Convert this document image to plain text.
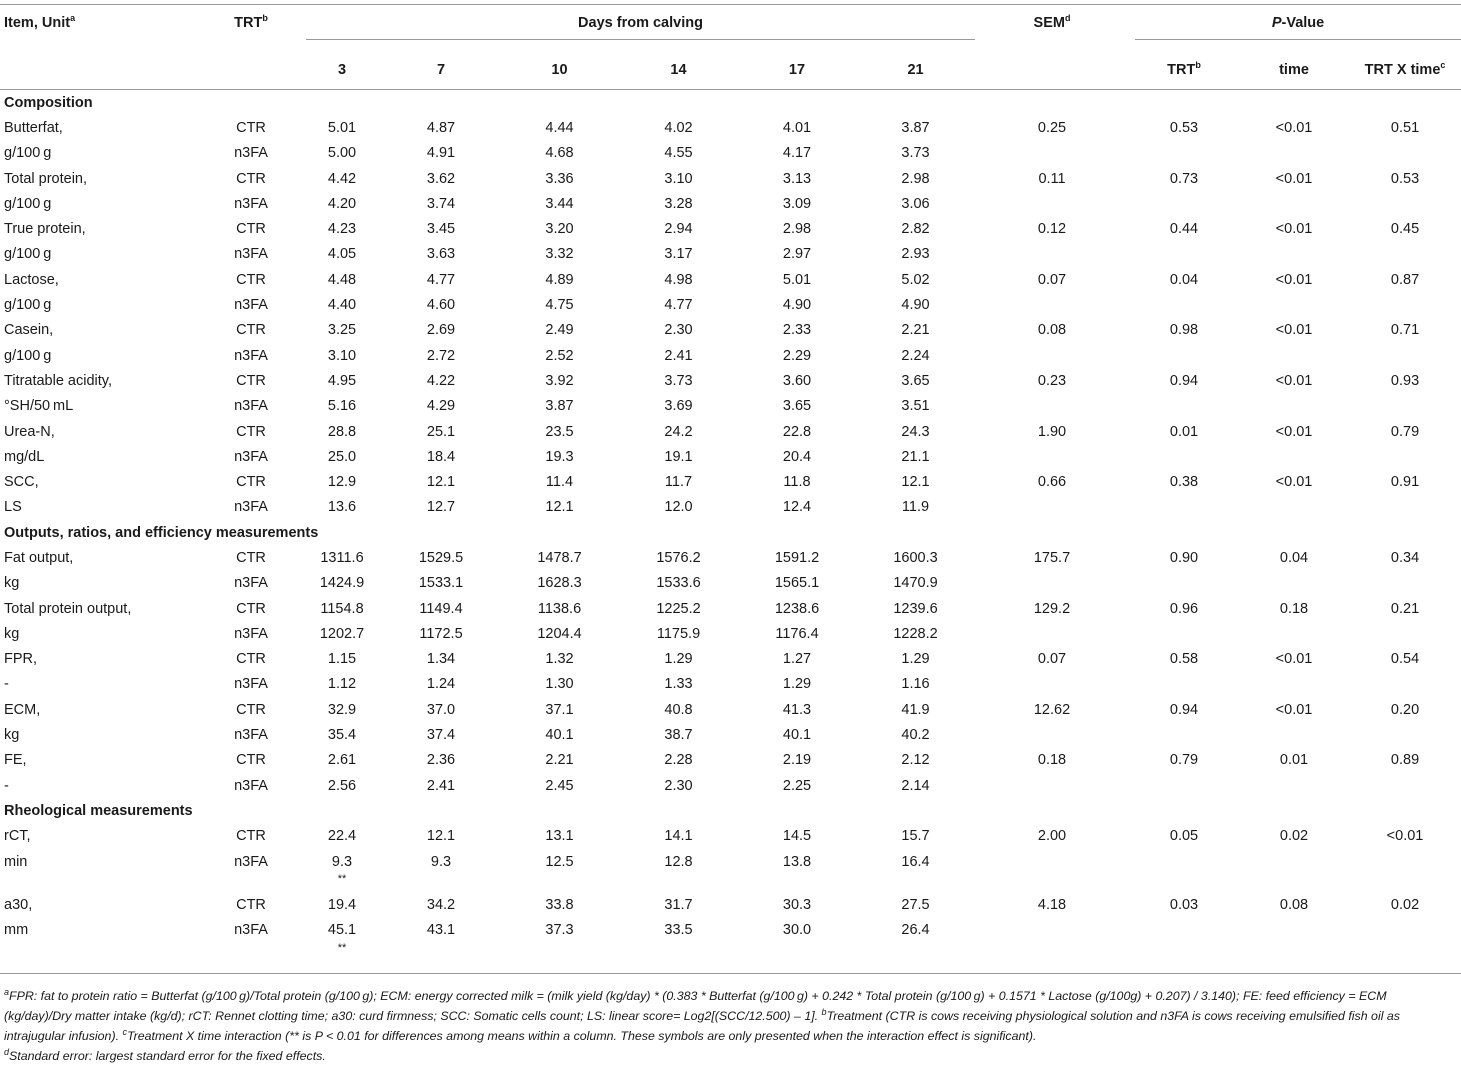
Item, Unit$^a$	TRT$^b$	Days from calving						SEM$^d$	P-Value		

		3	7	10	14	17	21		TRT$^b$	time	TRT X time$^c$
Composition											
Butterfat,	CTR	5.01	4.87	4.44	4.02	4.01	3.87	0.25	0.53	<0.01	0.51
g/100 g	n3FA	5.00	4.91	4.68	4.55	4.17	3.73				
Total protein,	CTR	4.42	3.62	3.36	3.10	3.13	2.98	0.11	0.73	<0.01	0.53
g/100 g	n3FA	4.20	3.74	3.44	3.28	3.09	3.06				
True protein,	CTR	4.23	3.45	3.20	2.94	2.98	2.82	0.12	0.44	<0.01	0.45
g/100 g	n3FA	4.05	3.63	3.32	3.17	2.97	2.93				
Lactose,	CTR	4.48	4.77	4.89	4.98	5.01	5.02	0.07	0.04	<0.01	0.87
g/100 g	n3FA	4.40	4.60	4.75	4.77	4.90	4.90				
Casein,	CTR	3.25	2.69	2.49	2.30	2.33	2.21	0.08	0.98	<0.01	0.71
g/100 g	n3FA	3.10	2.72	2.52	2.41	2.29	2.24				
Titratable acidity,	CTR	4.95	4.22	3.92	3.73	3.60	3.65	0.23	0.94	<0.01	0.93
°SH/50 mL	n3FA	5.16	4.29	3.87	3.69	3.65	3.51				
Urea-N,	CTR	28.8	25.1	23.5	24.2	22.8	24.3	1.90	0.01	<0.01	0.79
mg/dL	n3FA	25.0	18.4	19.3	19.1	20.4	21.1				
SCC,	CTR	12.9	12.1	11.4	11.7	11.8	12.1	0.66	0.38	<0.01	0.91
LS	n3FA	13.6	12.7	12.1	12.0	12.4	11.9				
Outputs, ratios, and efficiency measurements											
Fat output,	CTR	1311.6	1529.5	1478.7	1576.2	1591.2	1600.3	175.7	0.90	0.04	0.34
kg	n3FA	1424.9	1533.1	1628.3	1533.6	1565.1	1470.9				
Total protein output,	CTR	1154.8	1149.4	1138.6	1225.2	1238.6	1239.6	129.2	0.96	0.18	0.21
kg	n3FA	1202.7	1172.5	1204.4	1175.9	1176.4	1228.2				
FPR,	CTR	1.15	1.34	1.32	1.29	1.27	1.29	0.07	0.58	<0.01	0.54
-	n3FA	1.12	1.24	1.30	1.33	1.29	1.16				
ECM,	CTR	32.9	37.0	37.1	40.8	41.3	41.9	12.62	0.94	<0.01	0.20
kg	n3FA	35.4	37.4	40.1	38.7	40.1	40.2				
FE,	CTR	2.61	2.36	2.21	2.28	2.19	2.12	0.18	0.79	0.01	0.89
-	n3FA	2.56	2.41	2.45	2.30	2.25	2.14				
Rheological measurements											
rCT,	CTR	22.4	12.1	13.1	14.1	14.5	15.7	2.00	0.05	0.02	<0.01
min	n3FA	9.3	9.3	12.5	12.8	13.8	16.4				
		**									
a30,	CTR	19.4	34.2	33.8	31.7	30.3	27.5	4.18	0.03	0.08	0.02
mm	n3FA	45.1	43.1	37.3	33.5	30.0	26.4				
		**									

$^a$FPR: fat to protein ratio = Butterfat (g/100 g)/Total protein (g/100 g); ECM: energy corrected milk = (milk yield (kg/day) * (0.383 * Butterfat (g/100 g) + 0.242 * Total protein (g/100 g) + 0.1571 * Lactose (g/100g) + 0.207) / 3.140); FE: feed efficiency = ECM (kg/day)/Dry matter intake (kg/d); rCT: Rennet clotting time; a30: curd firmness; SCC: Somatic cells count; LS: linear score= Log2[(SCC/12.500) – 1]. $^b$Treatment (CTR is cows receiving physiological solution and n3FA is cows receiving emulsified fish oil as intrajugular infusion). $^c$Treatment X time interaction (** is P < 0.01 for differences among means within a column. These symbols are only presented when the interaction effect is significant).
$^d$Standard error: largest standard error for the fixed effects.
